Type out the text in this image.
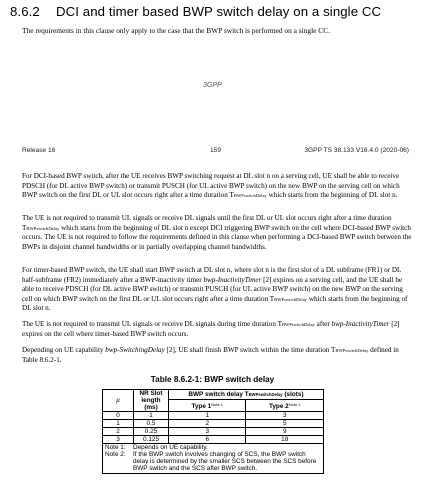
8.6.2 DCI and timer based BWP switch delay on a single CC
The requirements in this clause only apply to the case that the BWP switch is performed on a single CC.
3GPP
Release 16	159	3GPP TS 38.133 V16.4.0 (2020-06)

For DCI-based BWP switch, after the UE receives BWP switching request at DL slot n on a serving cell, UE shall be able to receive PDSCH (for DL active BWP switch) or transmit PUSCH (for UL active BWP switch) on the new BWP on the serving cell on which BWP switch on the first DL or UL slot occurs right after a time duration TBWPswitchDelay which starts from the beginning of DL slot n.

The UE is not required to transmit UL signals or receive DL signals until the first DL or UL slot occurs right after a time duration TBWPswitchDelay which starts from the beginning of DL slot n except DCI triggering BWP switch on the cell where DCI-based BWP switch occurs. The UE is not required to follow the requirements defined in this clause when performing a DCI-based BWP switch between the BWPs in disjoint channel bandwidths or in partially overlapping channel bandwidths.

For timer-based BWP switch, the UE shall start BWP switch at DL slot n, where slot n is the first slot of a DL subframe (FR1) or DL half-subframe (FR2) immediately after a BWP-inactivity timer bwp-InactivityTimer [2] expires on a serving cell, and the UE shall be able to receive PDSCH (for DL active BWP switch) or transmit PUSCH (for UL active BWP switch) on the new BWP on the serving cell on which BWP switch on the first DL or UL slot occurs right after a time duration TBWPswitchDelay which starts from the beginning of DL slot n.

The UE is not required to transmit UL signals or receive DL signals during time duration TBWPswitchDelay after bwp-InactivityTimer [2] expires on the cell where timer-based BWP switch occurs.

Depending on UE capability bwp-SwitchingDelay [2], UE shall finish BWP switch within the time duration TBWPswitchDelay defined in Table 8.6.2-1.

Table 8.6.2-1: BWP switch delay
μ	NR Slot length (ms)	BWP switch delay TBWPswitchDelay (slots)	
		Type $1^{Note 1}$	Type $2^{Note 1}$
0	1	1	3
1	0.5	2	5
2	0.25	3	9
3	0.125	6	18

Note 1: Depends on UE capability.			

Note 2: If the BWP switch involves changing of SCS, the BWP switch delay is determined by the smaller SCS between the SCS before BWP switch and the SCS after BWP switch.			
